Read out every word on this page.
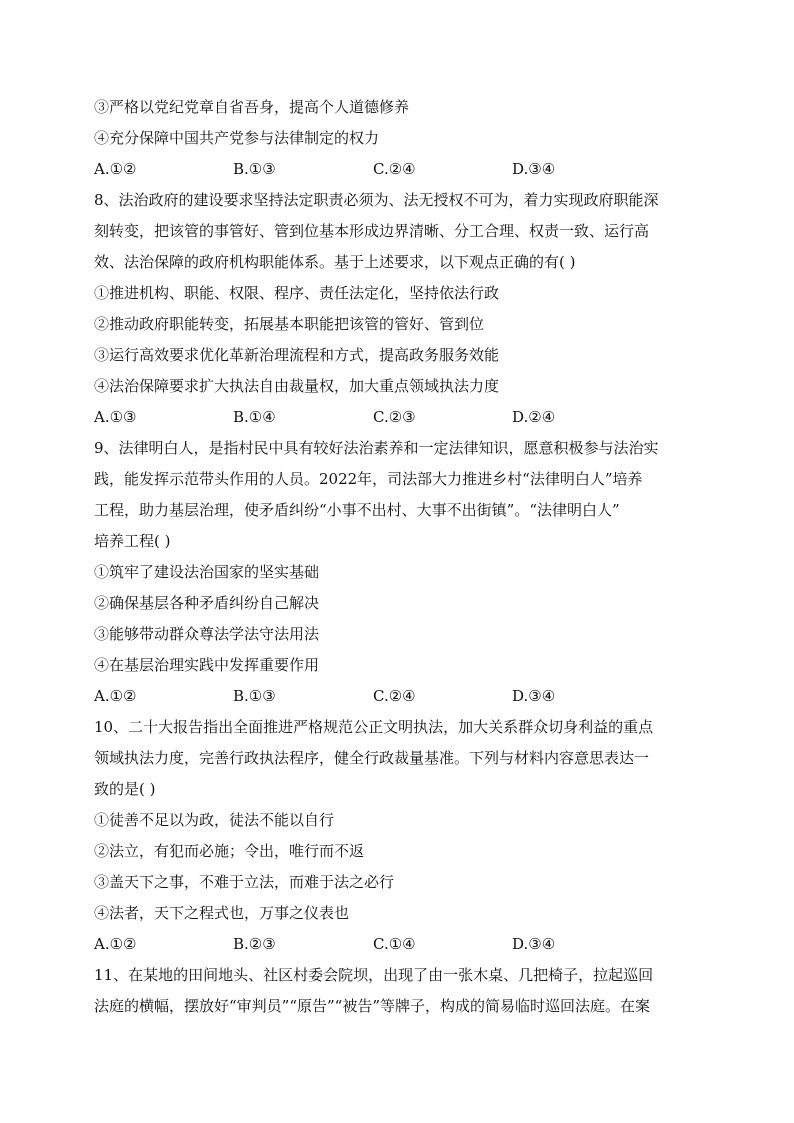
③严格以党纪党章自省吾身，提高个人道德修养
④充分保障中国共产党参与法律制定的权力
A.①②	B.①③	C.②④	D.③④
8、法治政府的建设要求坚持法定职责必须为、法无授权不可为，着力实现政府职能深
刻转变，把该管的事管好、管到位基本形成边界清晰、分工合理、权责一致、运行高
效、法治保障的政府机构职能体系。基于上述要求，以下观点正确的有( )
①推进机构、职能、权限、程序、责任法定化，坚持依法行政
②推动政府职能转变，拓展基本职能把该管的管好、管到位
③运行高效要求优化革新治理流程和方式，提高政务服务效能
④法治保障要求扩大执法自由裁量权，加大重点领域执法力度
A.①③	B.①④	C.②③	D.②④
9、法律明白人，是指村民中具有较好法治素养和一定法律知识，愿意积极参与法治实
践，能发挥示范带头作用的人员。2022年，司法部大力推进乡村“法律明白人”培养
工程，助力基层治理，使矛盾纠纷“小事不出村、大事不出街镇”。“法律明白人”
培养工程( )
①筑牢了建设法治国家的坚实基础
②确保基层各种矛盾纠纷自己解决
③能够带动群众尊法学法守法用法
④在基层治理实践中发挥重要作用
A.①②	B.①③	C.②④	D.③④
10、二十大报告指出全面推进严格规范公正文明执法，加大关系群众切身利益的重点
领域执法力度，完善行政执法程序，健全行政裁量基准。下列与材料内容意思表达一
致的是( )
①徒善不足以为政，徒法不能以自行
②法立，有犯而必施；令出，唯行而不返
③盖天下之事，不难于立法，而难于法之必行
④法者，天下之程式也，万事之仪表也
A.①②	B.②③	C.①④	D.③④
11、在某地的田间地头、社区村委会院坝，出现了由一张木桌、几把椅子，拉起巡回
法庭的横幅，摆放好“审判员”“原告”“被告”等牌子，构成的简易临时巡回法庭。在案
